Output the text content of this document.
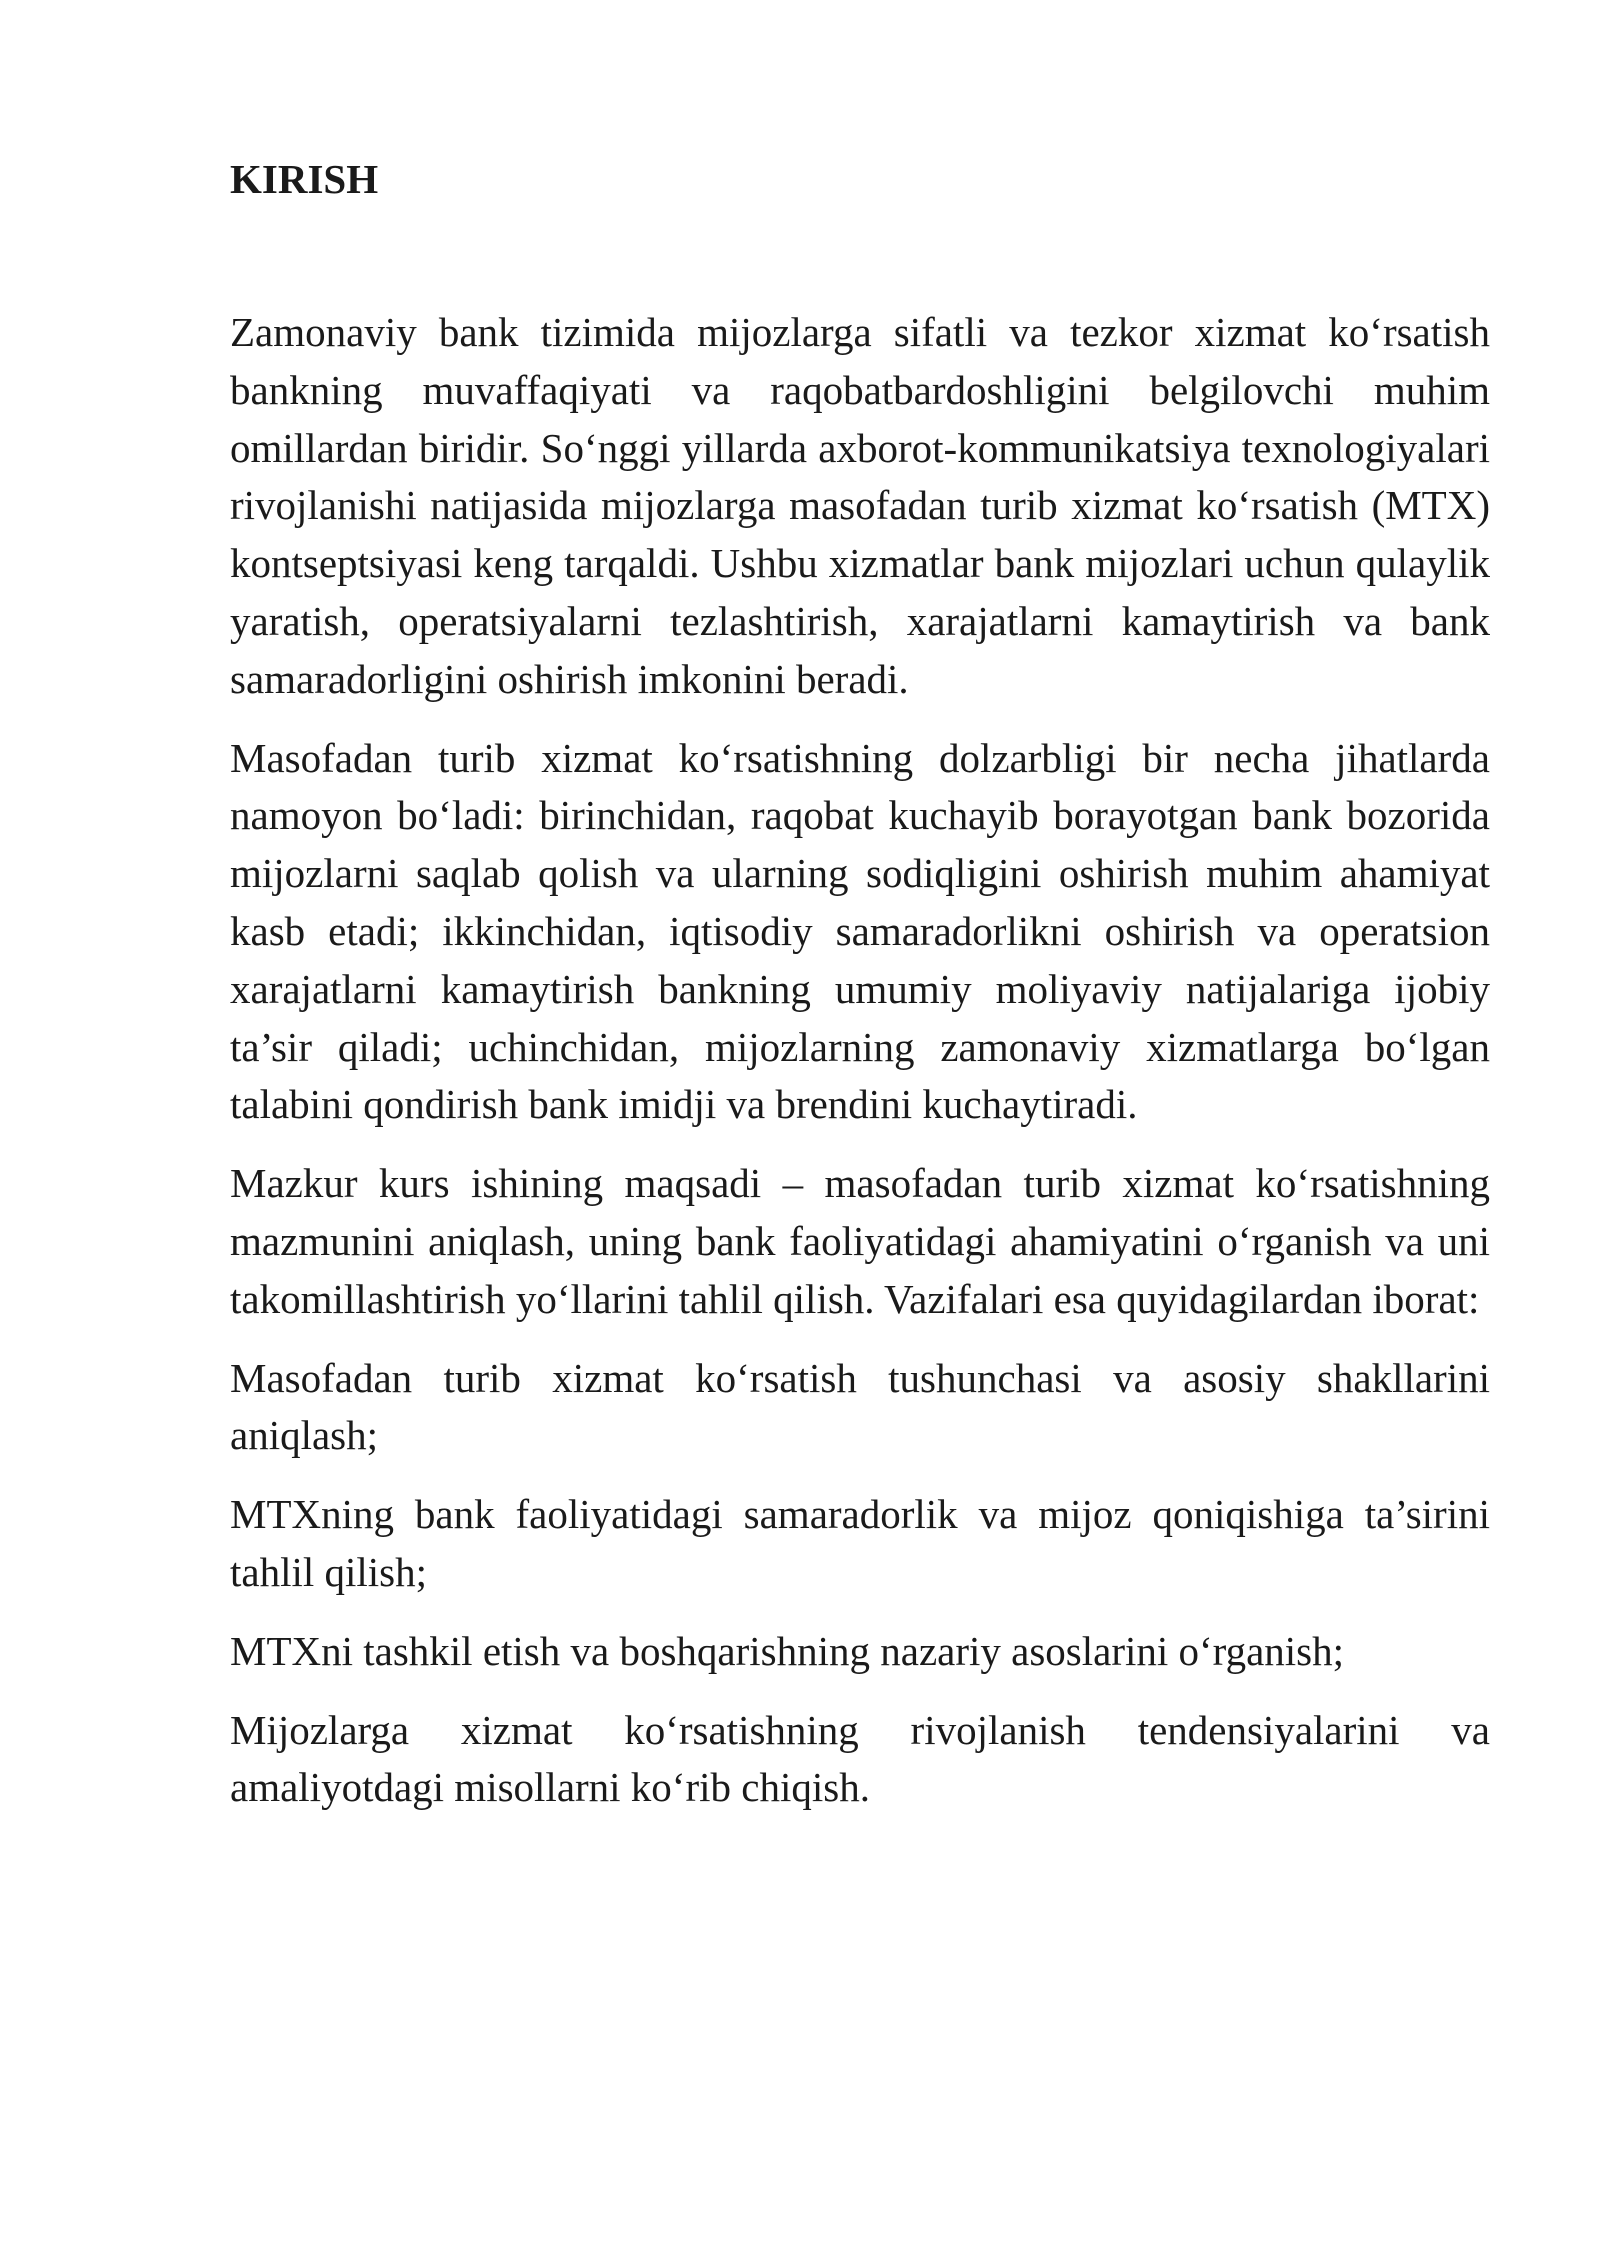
KIRISH

Zamonaviy bank tizimida mijozlarga sifatli va tezkor xizmat ko‘rsatish bankning muvaffaqiyati va raqobatbardoshligini belgilovchi muhim omillardan biridir. So‘nggi yillarda axborot-kommunikatsiya texnologiyalari rivojlanishi natijasida mijozlarga masofadan turib xizmat ko‘rsatish (MTX) kontseptsiyasi keng tarqaldi. Ushbu xizmatlar bank mijozlari uchun qulaylik yaratish, operatsiyalarni tezlashtirish, xarajatlarni kamaytirish va bank samaradorligini oshirish imkonini beradi.

Masofadan turib xizmat ko‘rsatishning dolzarbligi bir necha jihatlarda namoyon bo‘ladi: birinchidan, raqobat kuchayib borayotgan bank bozorida mijozlarni saqlab qolish va ularning sodiqligini oshirish muhim ahamiyat kasb etadi; ikkinchidan, iqtisodiy samaradorlikni oshirish va operatsion xarajatlarni kamaytirish bankning umumiy moliyaviy natijalariga ijobiy ta’sir qiladi; uchinchidan, mijozlarning zamonaviy xizmatlarga bo‘lgan talabini qondirish bank imidji va brendini kuchaytiradi.

Mazkur kurs ishining maqsadi – masofadan turib xizmat ko‘rsatishning mazmunini aniqlash, uning bank faoliyatidagi ahamiyatini o‘rganish va uni takomillashtirish yo‘llarini tahlil qilish. Vazifalari esa quyidagilardan iborat:

Masofadan turib xizmat ko‘rsatish tushunchasi va asosiy shakllarini aniqlash;

MTXning bank faoliyatidagi samaradorlik va mijoz qoniqishiga ta’sirini tahlil qilish;

MTXni tashkil etish va boshqarishning nazariy asoslarini o‘rganish;

Mijozlarga xizmat ko‘rsatishning rivojlanish tendensiyalarini va amaliyotdagi misollarni ko‘rib chiqish.
